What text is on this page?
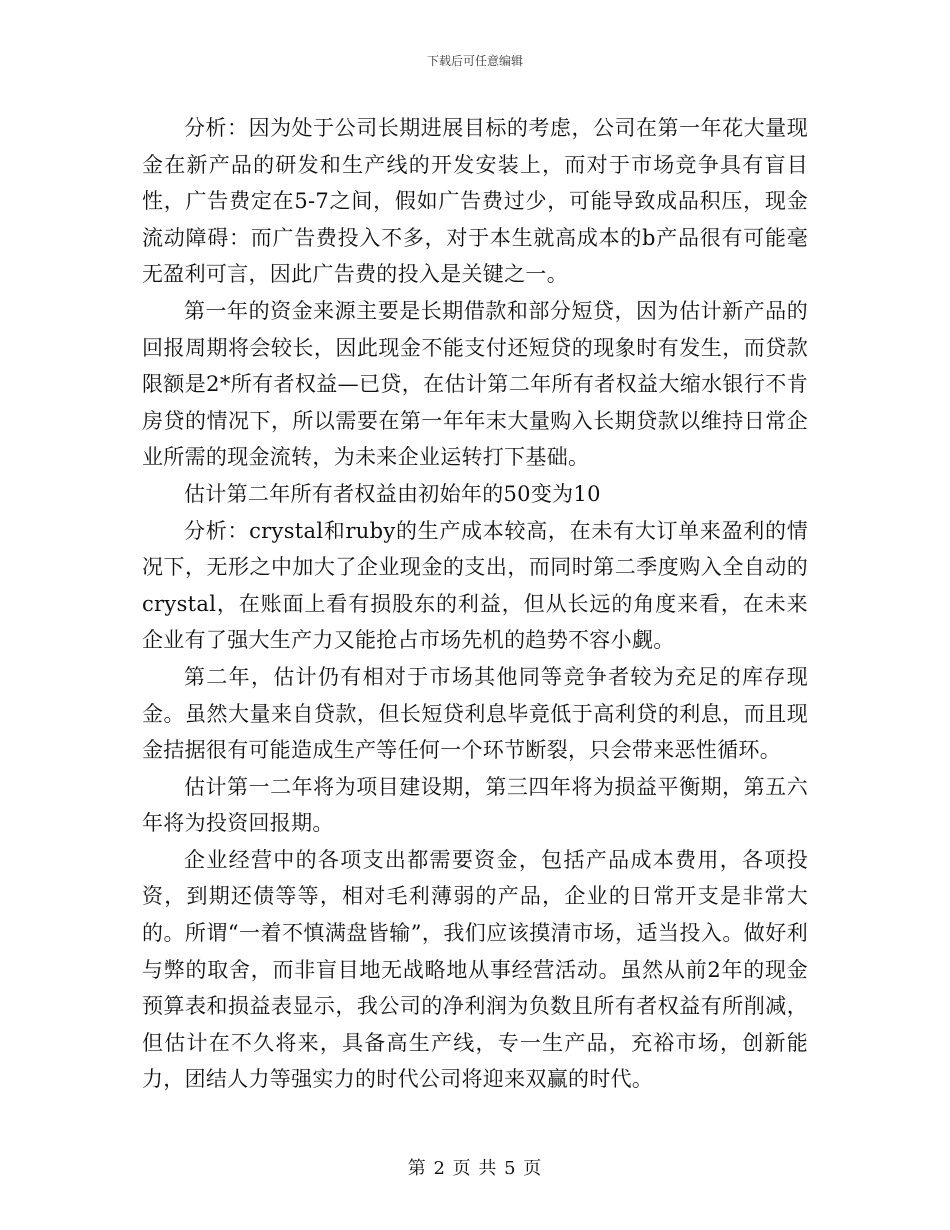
下载后可任意编辑

分析：因为处于公司长期进展目标的考虑，公司在第一年花大量现金在新产品的研发和生产线的开发安装上，而对于市场竞争具有盲目性，广告费定在5-7之间，假如广告费过少，可能导致成品积压，现金流动障碍：而广告费投入不多，对于本生就高成本的b产品很有可能毫无盈利可言，因此广告费的投入是关键之一。

第一年的资金来源主要是长期借款和部分短贷，因为估计新产品的回报周期将会较长，因此现金不能支付还短贷的现象时有发生，而贷款限额是2*所有者权益—已贷，在估计第二年所有者权益大缩水银行不肯房贷的情况下，所以需要在第一年年末大量购入长期贷款以维持日常企业所需的现金流转，为未来企业运转打下基础。

估计第二年所有者权益由初始年的50变为10

分析：crystal和ruby的生产成本较高，在未有大订单来盈利的情况下，无形之中加大了企业现金的支出，而同时第二季度购入全自动的crystal，在账面上看有损股东的利益，但从长远的角度来看，在未来企业有了强大生产力又能抢占市场先机的趋势不容小觑。

第二年，估计仍有相对于市场其他同等竞争者较为充足的库存现金。虽然大量来自贷款，但长短贷利息毕竟低于高利贷的利息，而且现金拮据很有可能造成生产等任何一个环节断裂，只会带来恶性循环。

估计第一二年将为项目建设期，第三四年将为损益平衡期，第五六年将为投资回报期。

企业经营中的各项支出都需要资金，包括产品成本费用，各项投资，到期还债等等，相对毛利薄弱的产品，企业的日常开支是非常大的。所谓“一着不慎满盘皆输”，我们应该摸清市场，适当投入。做好利与弊的取舍，而非盲目地无战略地从事经营活动。虽然从前2年的现金预算表和损益表显示，我公司的净利润为负数且所有者权益有所削减，但估计在不久将来，具备高生产线，专一生产品，充裕市场，创新能力，团结人力等强实力的时代公司将迎来双赢的时代。

第 2 页 共 5 页
